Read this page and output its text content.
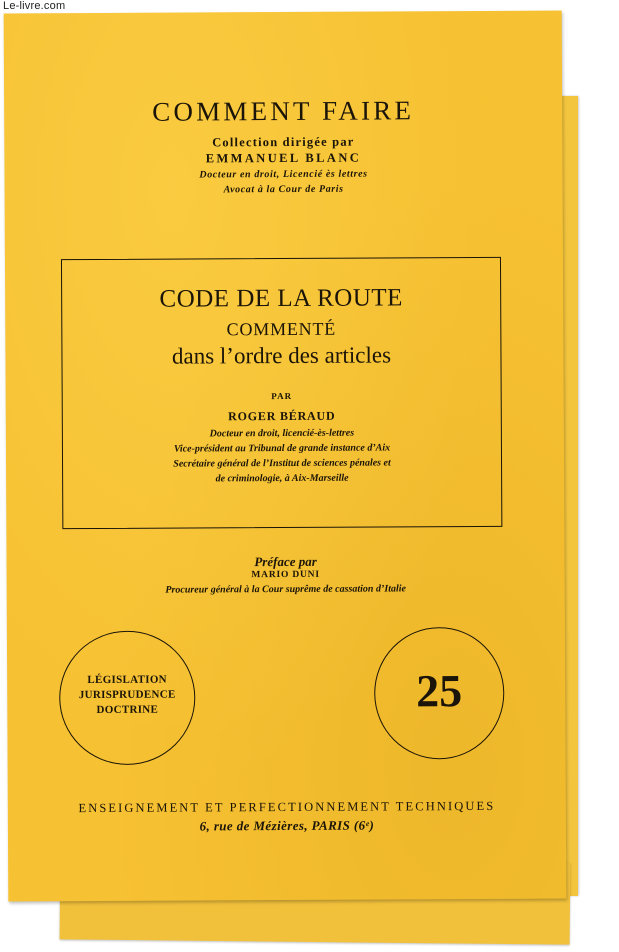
Le-livre.com
COMMENT FAIRE
Collection dirigée par
EMMANUEL BLANC
Docteur en droit, Licencié ès lettres
Avocat à la Cour de Paris
CODE DE LA ROUTE
COMMENTÉ
dans l’ordre des articles
PAR
ROGER BÉRAUD
Docteur en droit, licencié-ès-lettres
Vice-président au Tribunal de grande instance d’Aix
Secrétaire général de l’Institut de sciences pénales et
de criminologie, à Aix-Marseille
Préface par
MARIO DUNI
Procureur général à la Cour suprême de cassation d’Italie
LÉGISLATION
JURISPRUDENCE
DOCTRINE	25
ENSEIGNEMENT ET PERFECTIONNEMENT TECHNIQUES
6, rue de Mézières, PARIS (6ᵉ)
